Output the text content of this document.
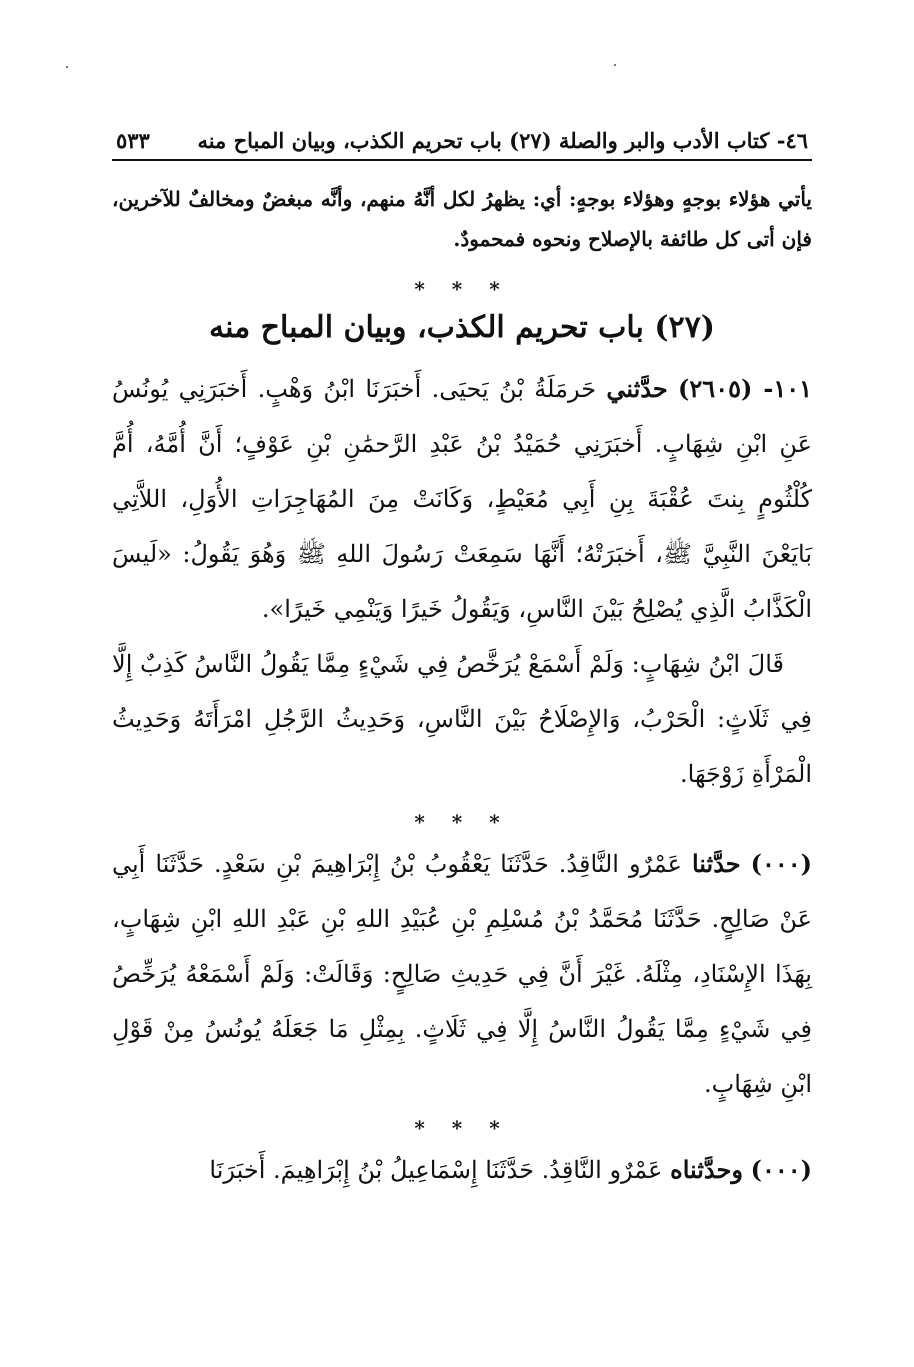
٤٦- كتاب الأدب والبر والصلة (٢٧) باب تحريم الكذب، وبيان المباح منه
٥٣٣

يأتي هؤلاء بوجهٍ وهؤلاء بوجهٍ: أي: يظهرُ لكل أنَّهُ منهم، وأنَّه مبغضٌ ومخالفٌ للآخرين، فإن أتى كل طائفة بالإصلاح ونحوه فمحمودٌ.

* * *
(٢٧) باب تحريم الكذب، وبيان المباح منه

١٠١- (٢٦٠٥) حدَّثني حَرمَلَةُ بْنُ يَحيَى. أَخبَرَنَا ابْنُ وَهْبٍ. أَخبَرَنِي يُونُسُ عَنِ ابْنِ شِهَابٍ. أَخبَرَنِي حُمَيْدُ بْنُ عَبْدِ الرَّحمَٰنِ بْنِ عَوْفٍ؛ أَنَّ أُمَّهُ، أُمَّ كُلْثُومٍ بِنتَ عُقْبَةَ بِنِ أَبِي مُعَيْطٍ، وَكَانَتْ مِنَ المُهَاجِرَاتِ الأُوَلِ، اللاَّتِي بَايَعْنَ النَّبِيَّ ﷺ، أَخبَرَتْهُ؛ أَنَّهَا سَمِعَتْ رَسُولَ اللهِ ﷺ وَهُوَ يَقُولُ: «لَيسَ الْكَذَّابُ الَّذِي يُصْلِحُ بَيْنَ النَّاسِ، وَيَقُولُ خَيرًا وَيَنْمِي خَيرًا».

قَالَ ابْنُ شِهَابٍ: وَلَمْ أَسْمَعْ يُرَخَّصُ فِي شَيْءٍ مِمَّا يَقُولُ النَّاسُ كَذِبٌ إِلَّا فِي ثَلَاثٍ: الْحَرْبُ، وَالإِصْلَاحُ بَيْنَ النَّاسِ، وَحَدِيثُ الرَّجُلِ امْرَأَتَهُ وَحَدِيثُ الْمَرْأَةِ زَوْجَهَا.

* * *

(٠٠٠) حدَّثنا عَمْرٌو النَّاقِدُ. حَدَّثَنَا يَعْقُوبُ بْنُ إِبْرَاهِيمَ بْنِ سَعْدٍ. حَدَّثَنَا أَبِي عَنْ صَالِحٍ. حَدَّثَنَا مُحَمَّدُ بْنُ مُسْلِمِ بْنِ عُبَيْدِ اللهِ بْنِ عَبْدِ اللهِ ابْنِ شِهَابٍ، بِهَذَا الإِسْنَادِ، مِثْلَهُ. غَيْرَ أَنَّ فِي حَدِيثِ صَالِحٍ: وَقَالَتْ: وَلَمْ أَسْمَعْهُ يُرَخِّصُ فِي شَيْءٍ مِمَّا يَقُولُ النَّاسُ إِلَّا فِي ثَلَاثٍ. بِمِثْلِ مَا جَعَلَهُ يُونُسُ مِنْ قَوْلِ ابْنِ شِهَابٍ.

* * *

(٠٠٠) وحدَّثناه عَمْرٌو النَّاقِدُ. حَدَّثَنَا إِسْمَاعِيلُ بْنُ إِبْرَاهِيمَ. أَخبَرَنَا
